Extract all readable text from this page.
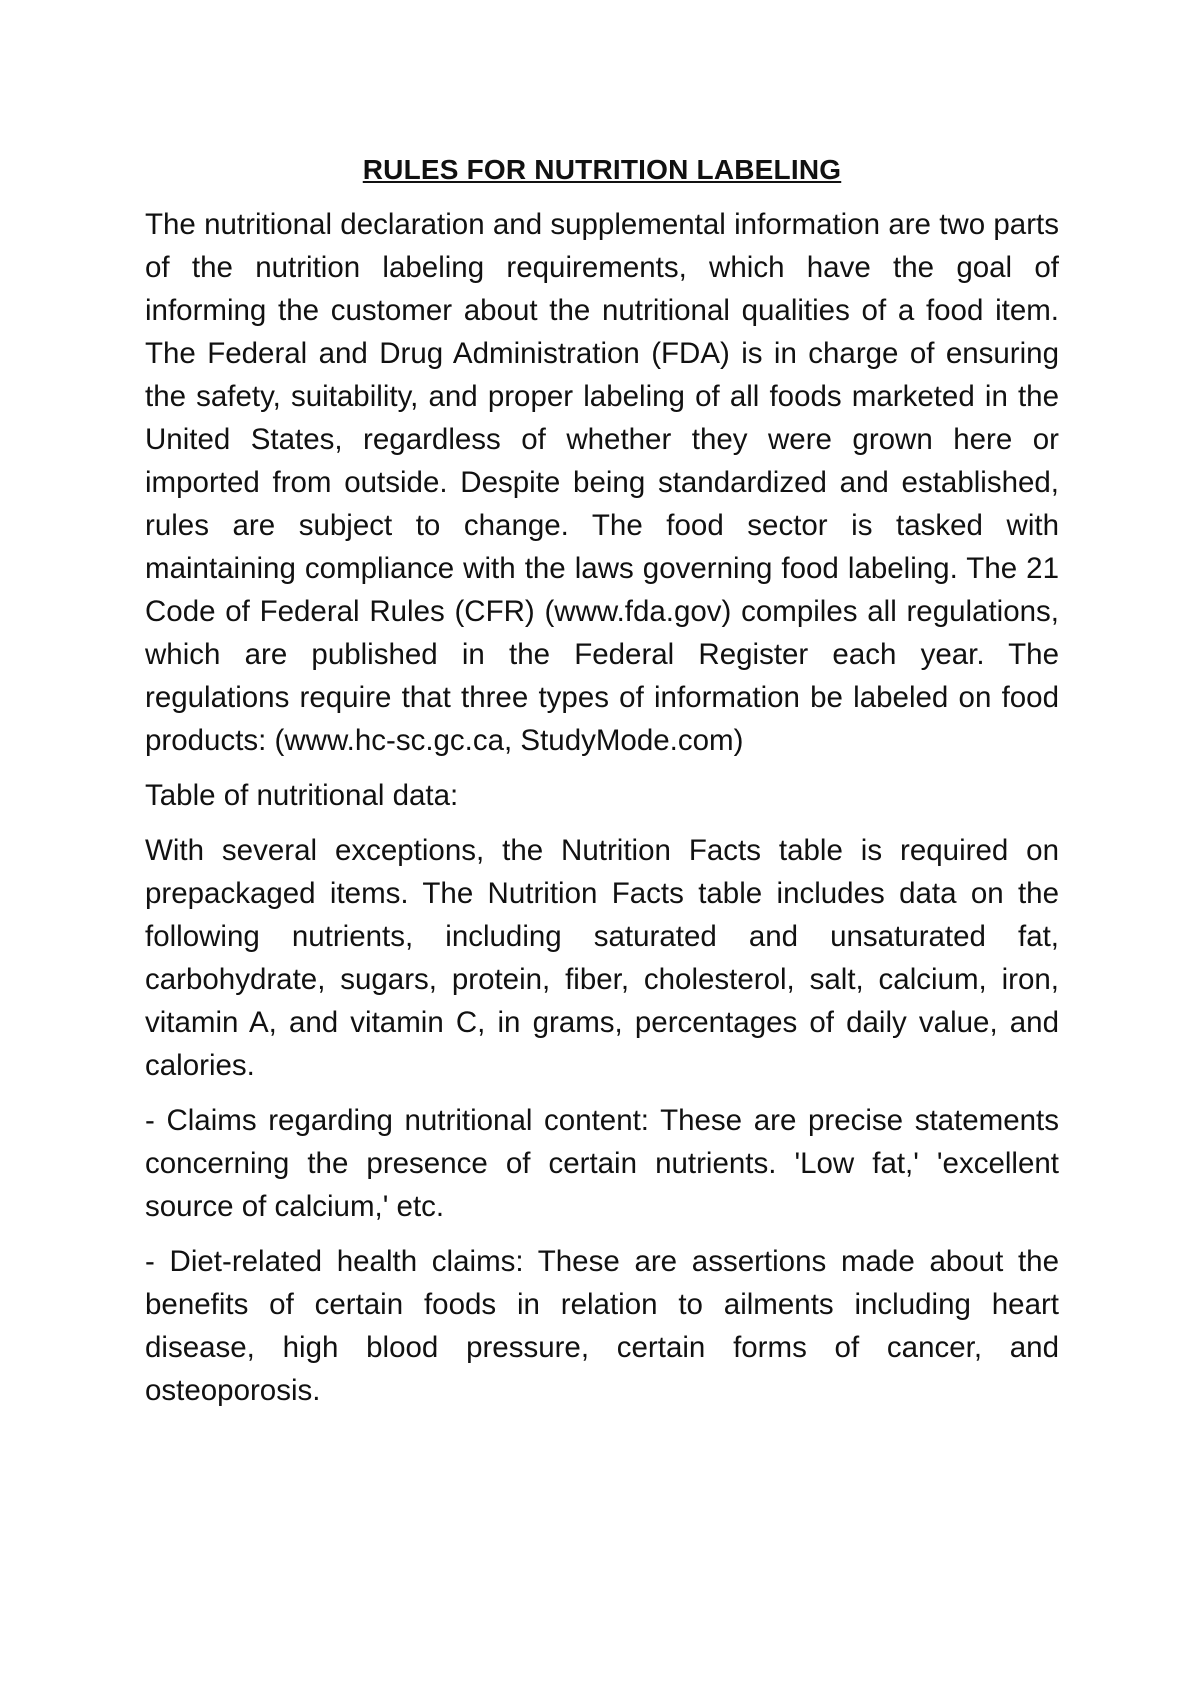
RULES FOR NUTRITION LABELING

The nutritional declaration and supplemental information are two parts of the nutrition labeling requirements, which have the goal of informing the customer about the nutritional qualities of a food item. The Federal and Drug Administration (FDA) is in charge of ensuring the safety, suitability, and proper labeling of all foods marketed in the United States, regardless of whether they were grown here or imported from outside. Despite being standardized and established, rules are subject to change. The food sector is tasked with maintaining compliance with the laws governing food labeling. The 21 Code of Federal Rules (CFR) (www.fda.gov) compiles all regulations, which are published in the Federal Register each year. The regulations require that three types of information be labeled on food products: (www.hc-sc.gc.ca, StudyMode.com)

Table of nutritional data:

With several exceptions, the Nutrition Facts table is required on prepackaged items. The Nutrition Facts table includes data on the following nutrients, including saturated and unsaturated fat, carbohydrate, sugars, protein, fiber, cholesterol, salt, calcium, iron, vitamin A, and vitamin C, in grams, percentages of daily value, and calories.

- Claims regarding nutritional content: These are precise statements concerning the presence of certain nutrients. 'Low fat,' 'excellent source of calcium,' etc.

- Diet-related health claims: These are assertions made about the benefits of certain foods in relation to ailments including heart disease, high blood pressure, certain forms of cancer, and osteoporosis.
